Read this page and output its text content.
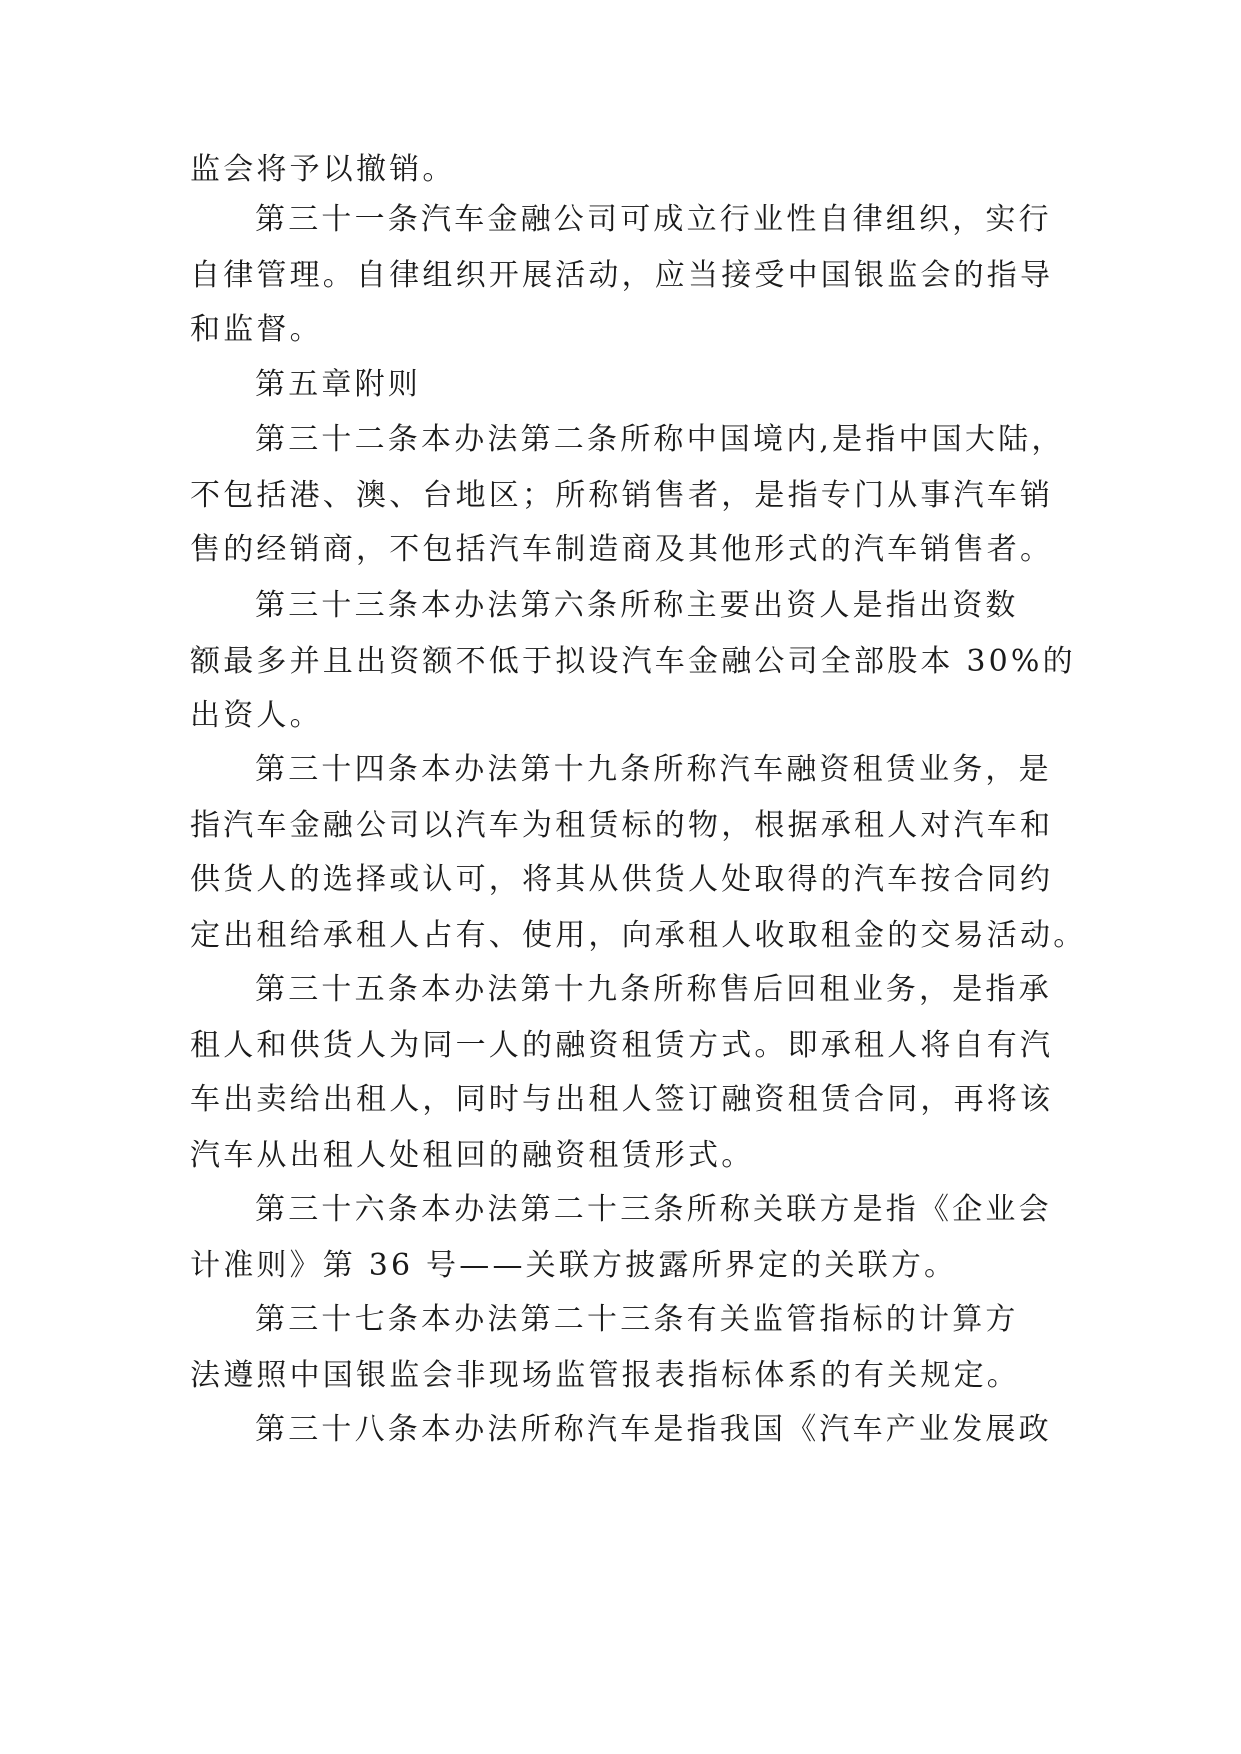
监会将予以撤销。
第三十一条汽车金融公司可成立行业性自律组织，实行
自律管理。自律组织开展活动，应当接受中国银监会的指导
和监督。
第五章附则
第三十二条本办法第二条所称中国境内,是指中国大陆，
不包括港、澳、台地区；所称销售者，是指专门从事汽车销
售的经销商，不包括汽车制造商及其他形式的汽车销售者。
第三十三条本办法第六条所称主要出资人是指出资数
额最多并且出资额不低于拟设汽车金融公司全部股本 30%的
出资人。
第三十四条本办法第十九条所称汽车融资租赁业务，是
指汽车金融公司以汽车为租赁标的物，根据承租人对汽车和
供货人的选择或认可，将其从供货人处取得的汽车按合同约
定出租给承租人占有、使用，向承租人收取租金的交易活动。
第三十五条本办法第十九条所称售后回租业务，是指承
租人和供货人为同一人的融资租赁方式。即承租人将自有汽
车出卖给出租人，同时与出租人签订融资租赁合同，再将该
汽车从出租人处租回的融资租赁形式。
第三十六条本办法第二十三条所称关联方是指《企业会
计准则》第 36 号——关联方披露所界定的关联方。
第三十七条本办法第二十三条有关监管指标的计算方
法遵照中国银监会非现场监管报表指标体系的有关规定。
第三十八条本办法所称汽车是指我国《汽车产业发展政
